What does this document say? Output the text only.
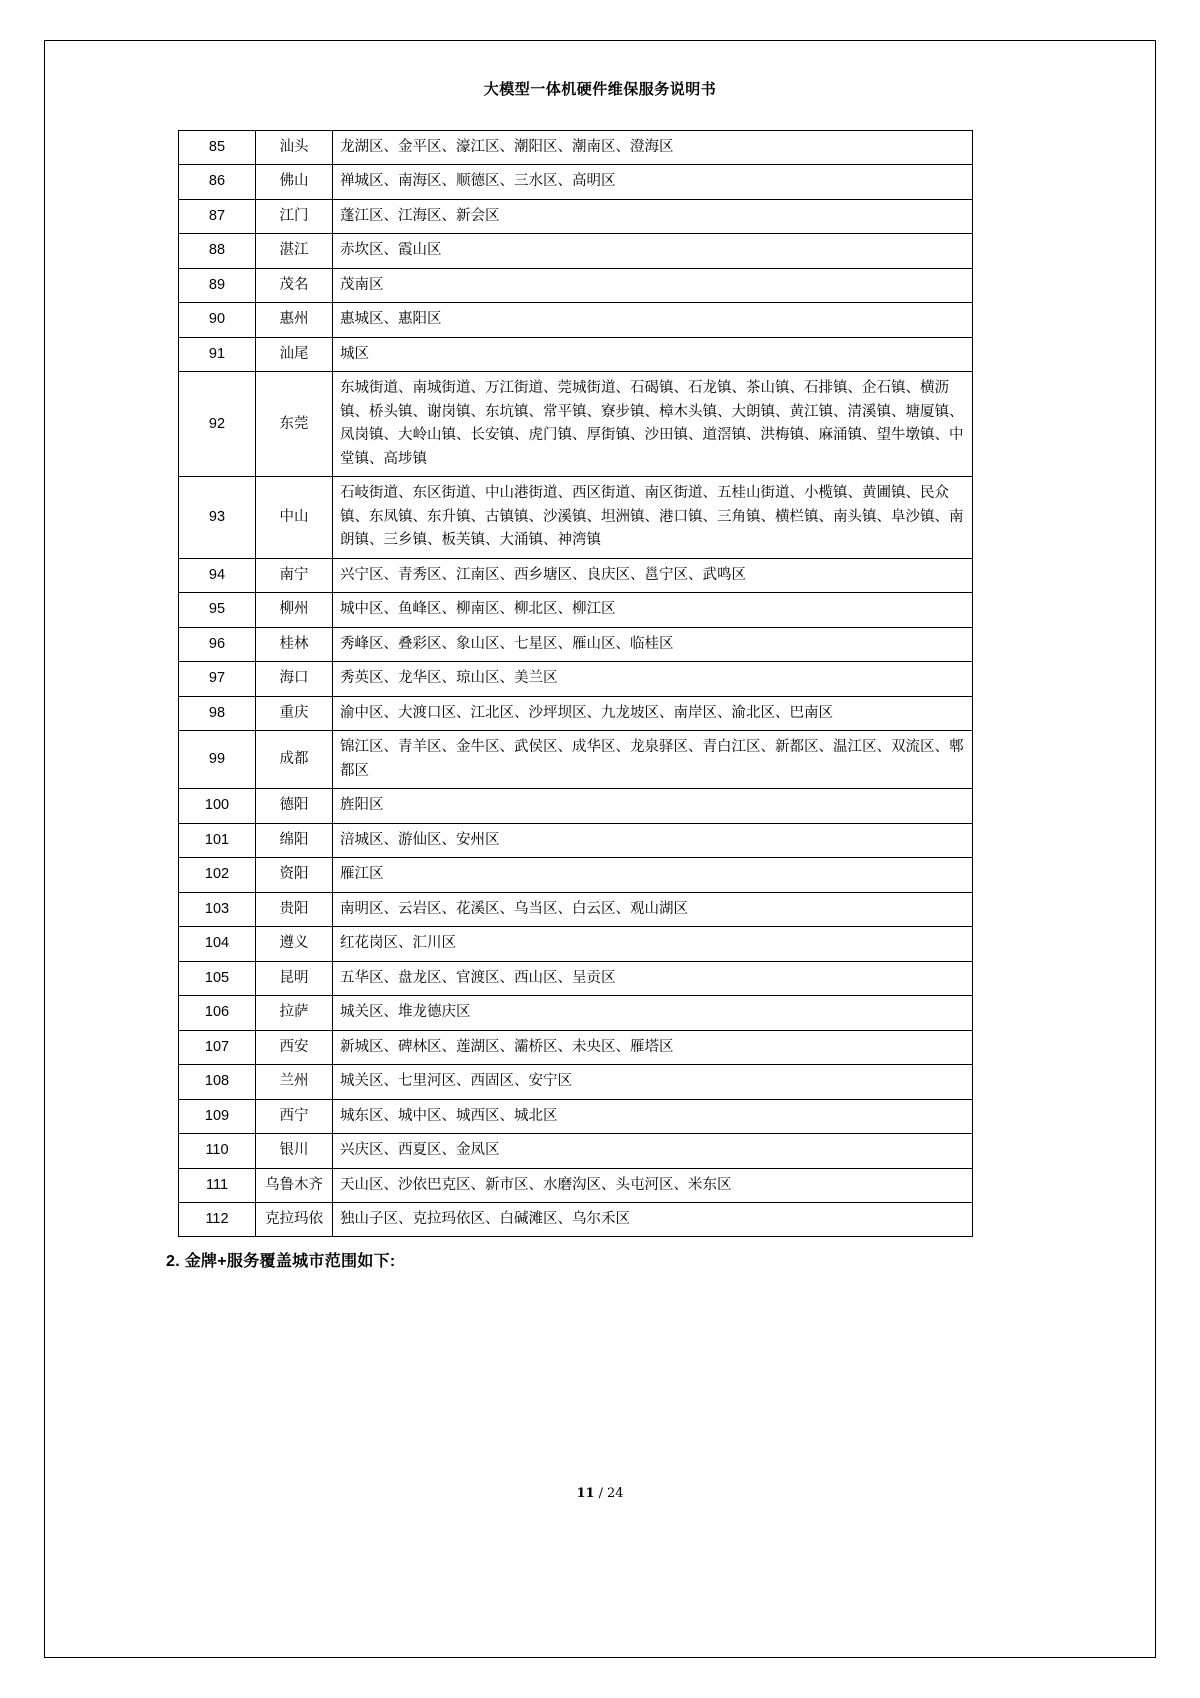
大模型一体机硬件维保服务说明书
85	汕头	龙湖区、金平区、濠江区、潮阳区、潮南区、澄海区
86	佛山	禅城区、南海区、顺德区、三水区、高明区
87	江门	蓬江区、江海区、新会区
88	湛江	赤坎区、霞山区
89	茂名	茂南区
90	惠州	惠城区、惠阳区
91	汕尾	城区
92	东莞	东城街道、南城街道、万江街道、莞城街道、石碣镇、石龙镇、茶山镇、石排镇、企石镇、横沥镇、桥头镇、谢岗镇、东坑镇、常平镇、寮步镇、樟木头镇、大朗镇、黄江镇、清溪镇、塘厦镇、凤岗镇、大岭山镇、长安镇、虎门镇、厚街镇、沙田镇、道滘镇、洪梅镇、麻涌镇、望牛墩镇、中堂镇、高埗镇
93	中山	石岐街道、东区街道、中山港街道、西区街道、南区街道、五桂山街道、小榄镇、黄圃镇、民众镇、东凤镇、东升镇、古镇镇、沙溪镇、坦洲镇、港口镇、三角镇、横栏镇、南头镇、阜沙镇、南朗镇、三乡镇、板芙镇、大涌镇、神湾镇
94	南宁	兴宁区、青秀区、江南区、西乡塘区、良庆区、邕宁区、武鸣区
95	柳州	城中区、鱼峰区、柳南区、柳北区、柳江区
96	桂林	秀峰区、叠彩区、象山区、七星区、雁山区、临桂区
97	海口	秀英区、龙华区、琼山区、美兰区
98	重庆	渝中区、大渡口区、江北区、沙坪坝区、九龙坡区、南岸区、渝北区、巴南区
99	成都	锦江区、青羊区、金牛区、武侯区、成华区、龙泉驿区、青白江区、新都区、温江区、双流区、郫都区
100	德阳	旌阳区
101	绵阳	涪城区、游仙区、安州区
102	资阳	雁江区
103	贵阳	南明区、云岩区、花溪区、乌当区、白云区、观山湖区
104	遵义	红花岗区、汇川区
105	昆明	五华区、盘龙区、官渡区、西山区、呈贡区
106	拉萨	城关区、堆龙德庆区
107	西安	新城区、碑林区、莲湖区、灞桥区、未央区、雁塔区
108	兰州	城关区、七里河区、西固区、安宁区
109	西宁	城东区、城中区、城西区、城北区
110	银川	兴庆区、西夏区、金凤区
111	乌鲁木齐	天山区、沙依巴克区、新市区、水磨沟区、头屯河区、米东区
112	克拉玛依	独山子区、克拉玛依区、白碱滩区、乌尔禾区
2. 金牌+服务覆盖城市范围如下:
11 / 24
